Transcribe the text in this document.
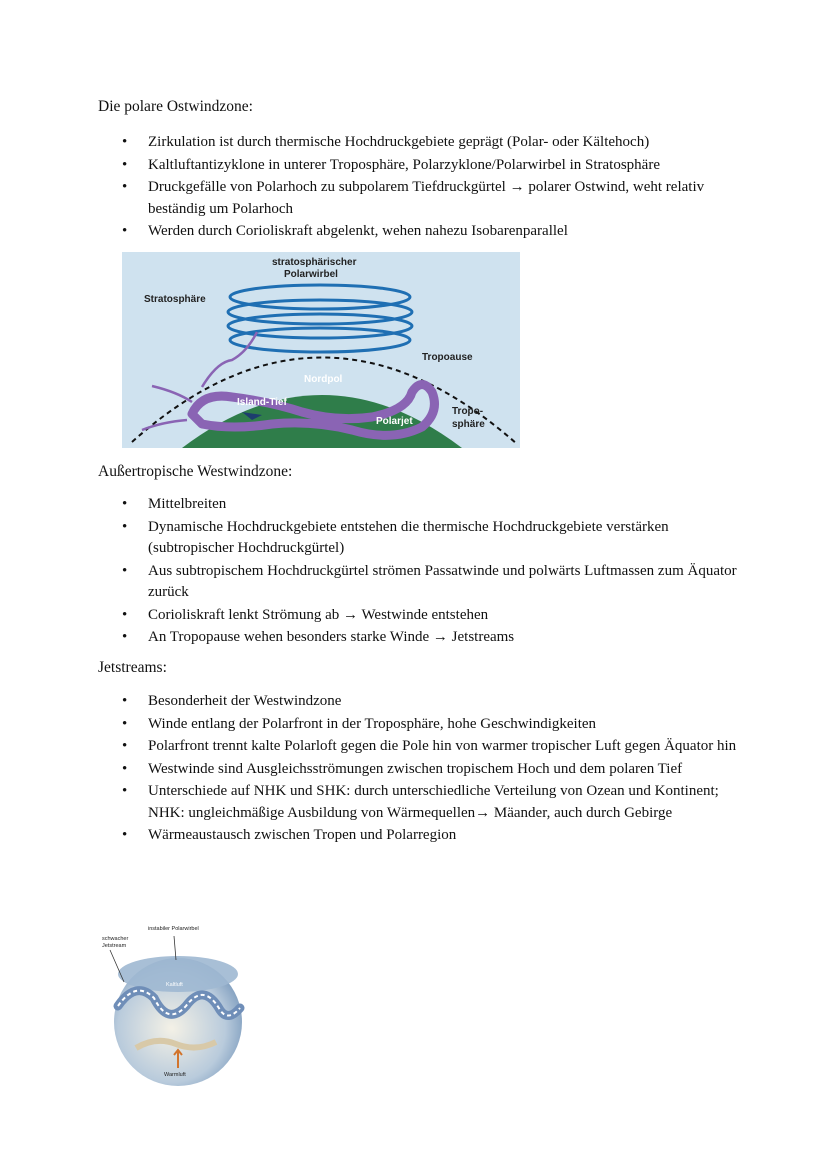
Die polare Ostwindzone:
• Zirkulation ist durch thermische Hochdruckgebiete geprägt (Polar- oder Kältehoch)
• Kaltluftantizyklone in unterer Troposphäre, Polarzyklone/Polarwirbel in Stratosphäre
• Druckgefälle von Polarhoch zu subpolarem Tiefdruckgürtel → polarer Ostwind, weht relativ beständig um Polarhoch
• Werden durch Corioliskraft abgelenkt, wehen nahezu Isobarenparallel
stratosphärischer
Polarwirbel
Stratosphäre
Tropoause
Nordpol
Island-Tief
Polarjet
Tropo-
sphäre
Außertropische Westwindzone:
• Mittelbreiten
• Dynamische Hochdruckgebiete entstehen die thermische Hochdruckgebiete verstärken (subtropischer Hochdruckgürtel)
• Aus subtropischem Hochdruckgürtel strömen Passatwinde und polwärts Luftmassen zum Äquator zurück
• Corioliskraft lenkt Strömung ab → Westwinde entstehen
• An Tropopause wehen besonders starke Winde → Jetstreams
Jetstreams:
• Besonderheit der Westwindzone
• Winde entlang der Polarfront in der Troposphäre, hohe Geschwindigkeiten
• Polarfront trennt kalte Polarloft gegen die Pole hin von warmer tropischer Luft gegen Äquator hin
• Westwinde sind Ausgleichsströmungen zwischen tropischem Hoch und dem polaren Tief
• Unterschiede auf NHK und SHK: durch unterschiedliche Verteilung von Ozean und Kontinent; NHK: ungleichmäßige Ausbildung von Wärmequellen→ Mäander, auch durch Gebirge
• Wärmeaustausch zwischen Tropen und Polarregion
instabiler Polarwirbel
schwacher
Jetstream
Kaltluft
Warmluft
